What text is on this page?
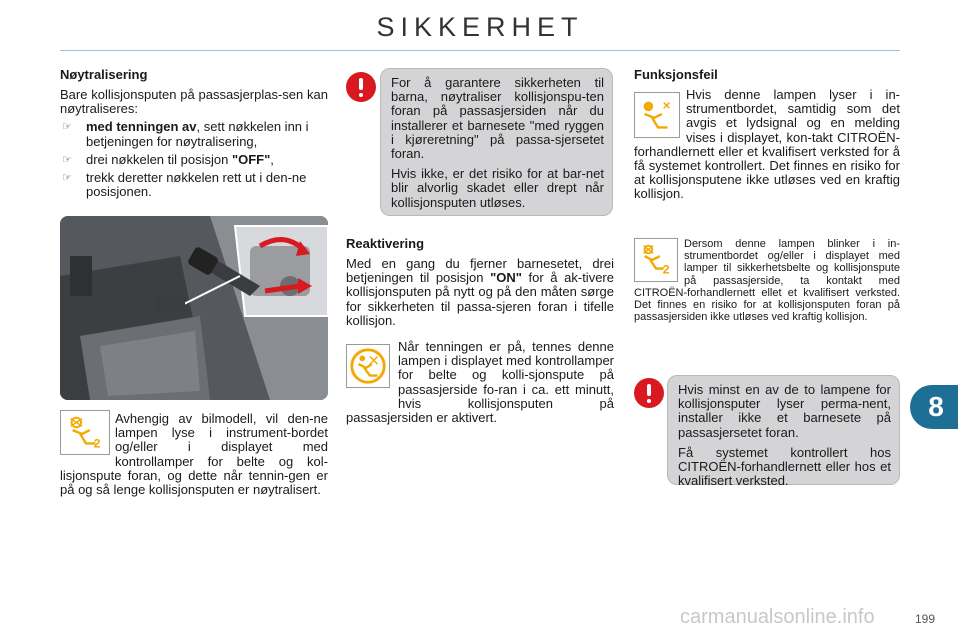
SIKKERHET
Nøytralisering

Bare kollisjonsputen på passasjerplas-sen kan nøytraliseres:

☞ med tenningen av, sett nøkkelen inn i betjeningen for nøytralisering,
☞ drei nøkkelen til posisjon "OFF",
☞ trekk deretter nøkkelen rett ut i den-ne posisjonen.
2

Avhengig av bilmodell, vil den-ne lampen lyse i instrument-bordet og/eller i displayet med kontrollamper for belte og kol-lisjonspute foran, og dette når tennin-gen er på og så lenge kollisjonsputen er nøytralisert.

For å garantere sikkerheten til barna, nøytraliser kollisjonspu-ten foran på passasjersiden når du installerer et barnesete "med ryggen i kjøreretning" på passa-sjersetet foran.

Hvis ikke, er det risiko for at bar-net blir alvorlig skadet eller drept når kollisjonsputen utløses.

Reaktivering

Med en gang du fjerner barnesetet, drei betjeningen til posisjon "ON" for å ak-tivere kollisjonsputen på nytt og på den måten sørge for sikkerheten til passa-sjeren foran i tifelle kollisjon.

Når tenningen er på, tennes denne lampen i displayet med kontrollamper for belte og kolli-sjonspute på passasjerside fo-ran i ca. ett minutt, hvis kollisjonsputen på passasjersiden er aktivert.

Funksjonsfeil

Hvis denne lampen lyser i in-strumentbordet, samtidig som det avgis et lydsignal og en melding vises i displayet, kon-takt CITROËN-forhandlernett eller et kvalifisert verksted for å få systemet kontrollert. Det finnes en risiko for at kollisjonsputene ikke utløses ved en kraftig kollisjon.

2

Dersom denne lampen blinker i in-strumentbordet og/eller i displayet med lamper til sikkerhetsbelte og kollisjonspute på passasjerside, ta kontakt med CITROËN-forhandlernett ellet et kvalifisert verksted. Det finnes en risiko for at kollisjonsputen foran på passasjersiden ikke utløses ved kraftig kollisjon.

Hvis minst en av de to lampene for kollisjonsputer lyser perma-nent, installer ikke et barnesete på passasjersetet foran.

Få systemet kontrollert hos CITROËN-forhandlernett eller hos et kvalifisert verksted.

8
carmanualsonline.info	199
